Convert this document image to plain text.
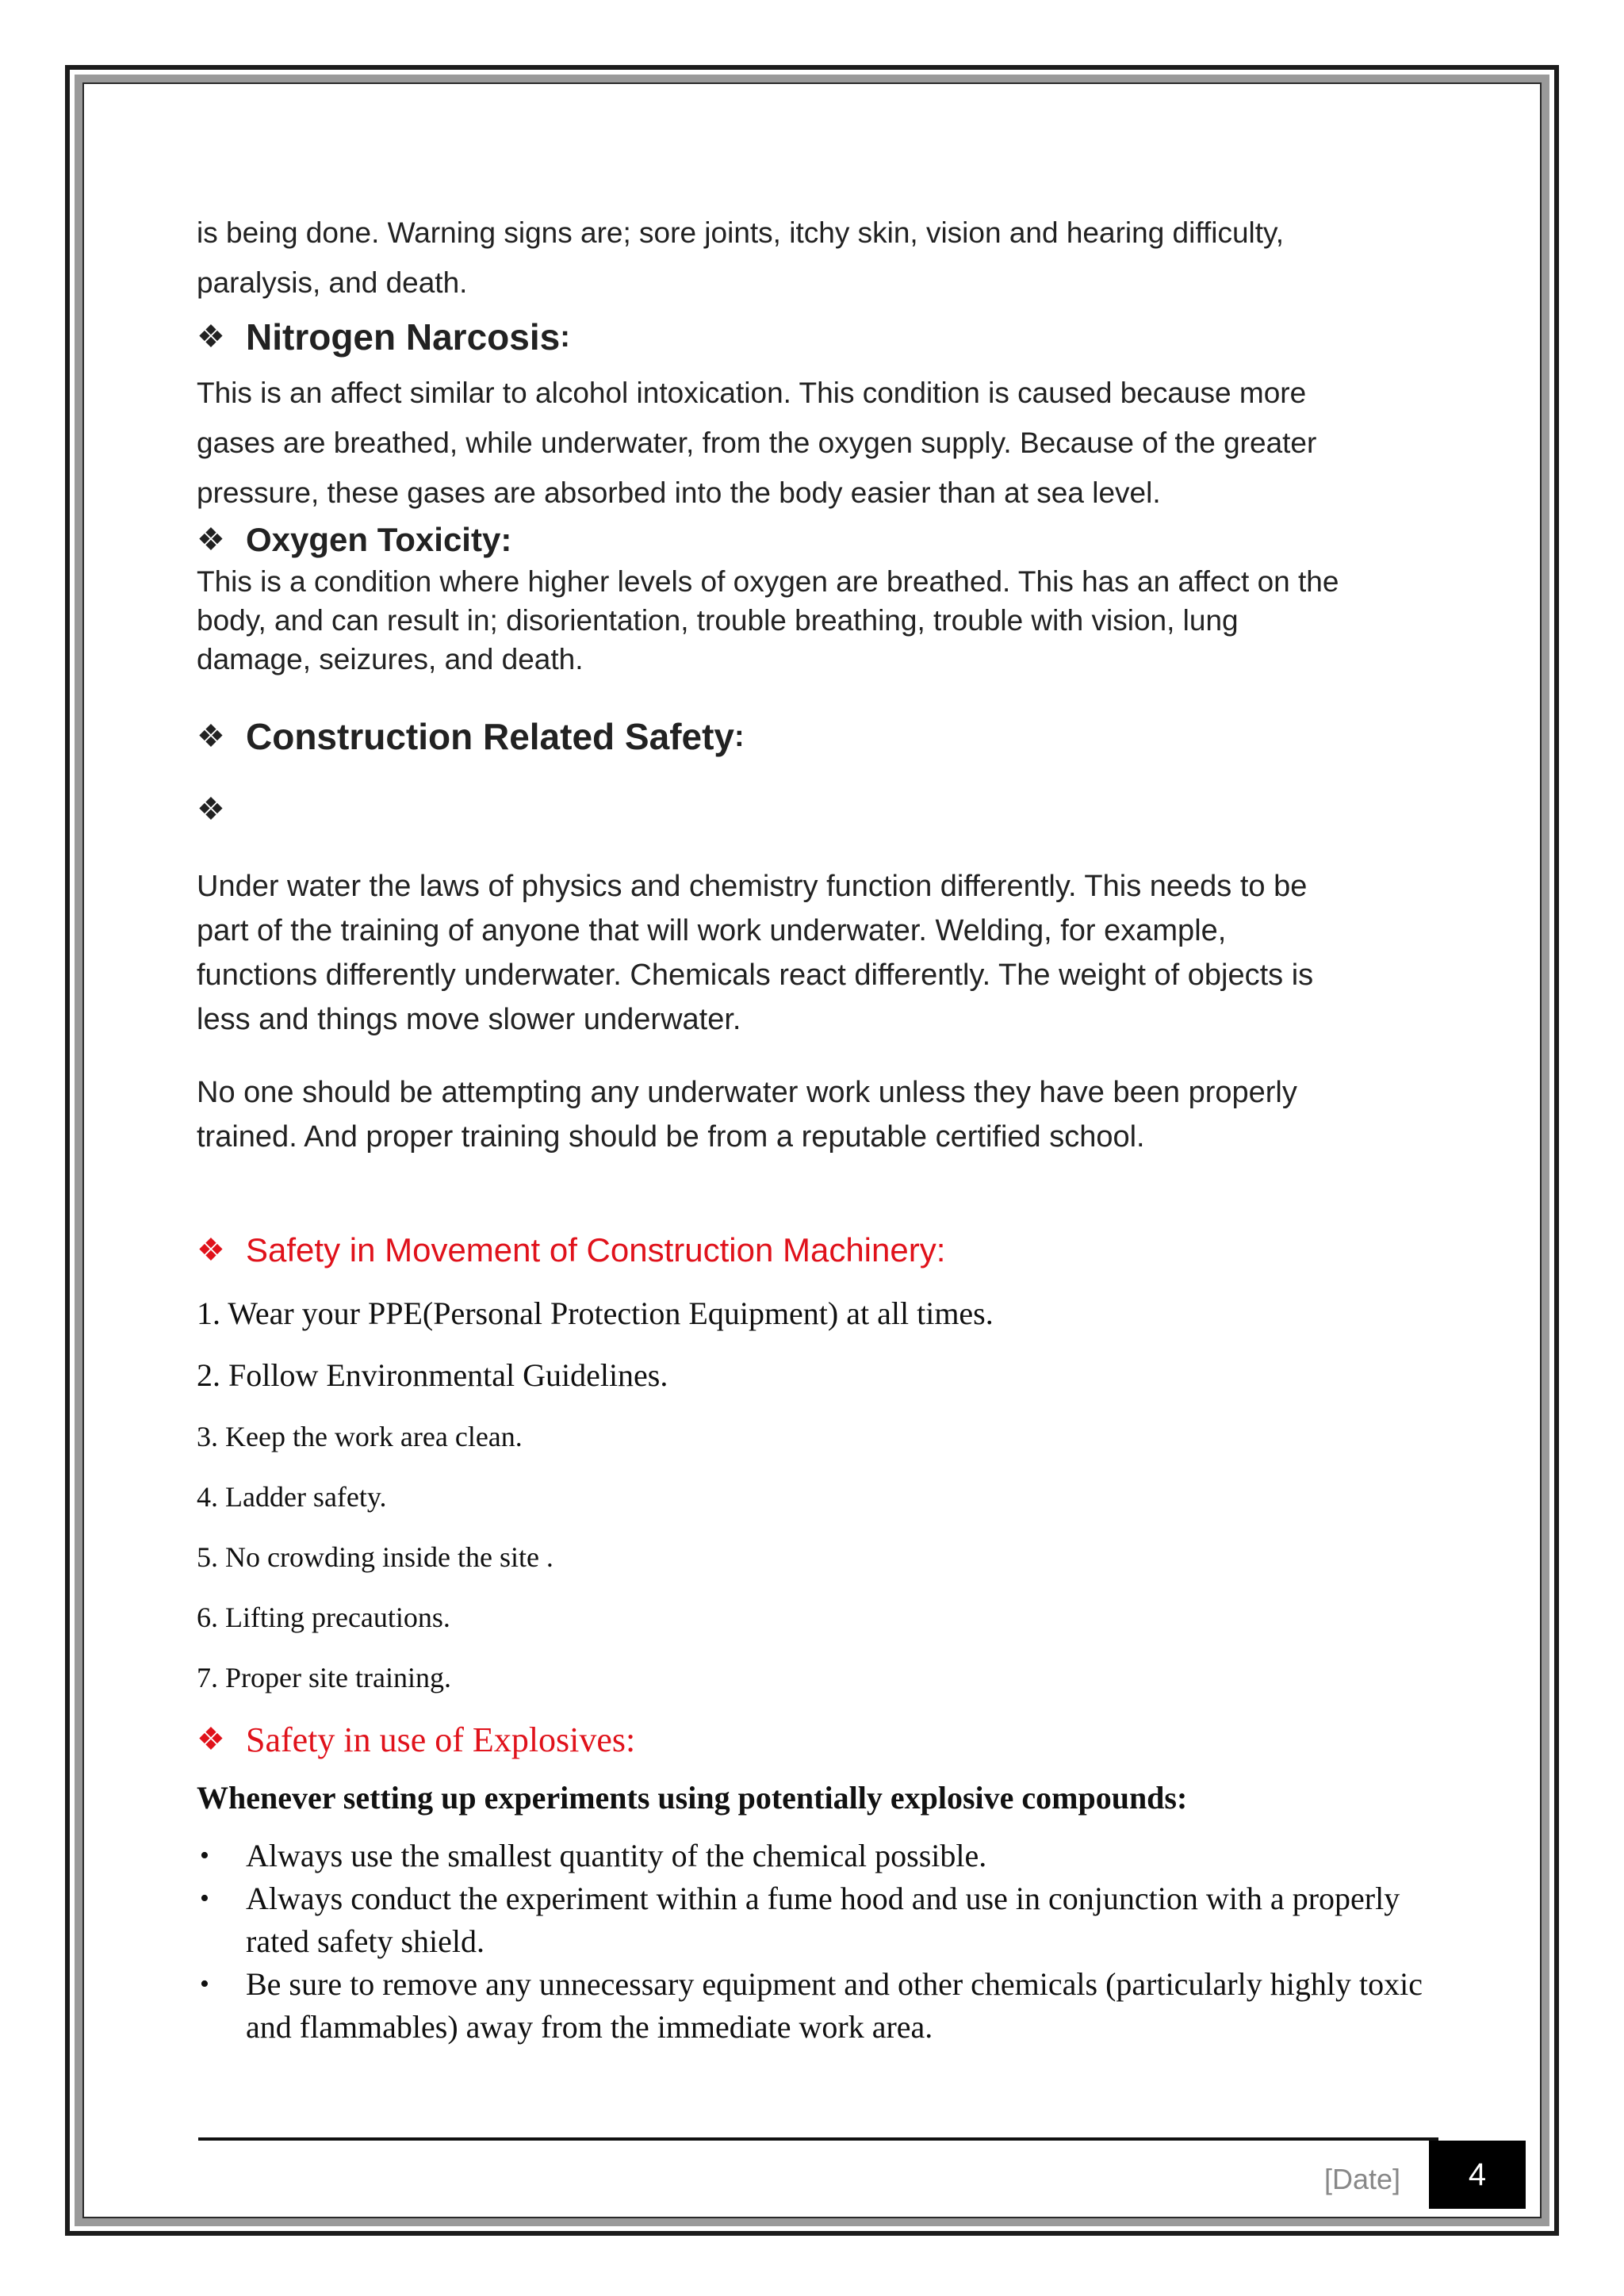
is being done. Warning signs are; sore joints, itchy skin, vision and hearing difficulty,

paralysis, and death.

❖ Nitrogen Narcosis :

This is an affect similar to alcohol intoxication. This condition is caused because more

gases are breathed, while underwater, from the oxygen supply. Because of the greater

pressure, these gases are absorbed into the body easier than at sea level.

❖ Oxygen Toxicity:

This is a condition where higher levels of oxygen are breathed. This has an affect on the

body, and can result in; disorientation, trouble breathing, trouble with vision, lung

damage, seizures, and death.

❖ Construction Related Safety :
❖

Under water the laws of physics and chemistry function differently. This needs to be

part of the training of anyone that will work underwater. Welding, for example,

functions differently underwater. Chemicals react differently. The weight of objects is

less and things move slower underwater.

No one should be attempting any underwater work unless they have been properly

trained. And proper training should be from a reputable certified school.

❖ Safety in Movement of Construction Machinery:

1. Wear your PPE(Personal Protection Equipment) at all times.

2. Follow Environmental Guidelines.

3. Keep the work area clean.

4. Ladder safety.

5. No crowding inside the site .

6. Lifting precautions.

7. Proper site training.

❖ Safety in use of Explosives:

Whenever setting up experiments using potentially explosive compounds:

• Always use the smallest quantity of the chemical possible.
• Always conduct the experiment within a fume hood and use in conjunction with a properly rated safety shield.
• Be sure to remove any unnecessary equipment and other chemicals (particularly highly toxic and flammables) away from the immediate work area.
[Date]	4
